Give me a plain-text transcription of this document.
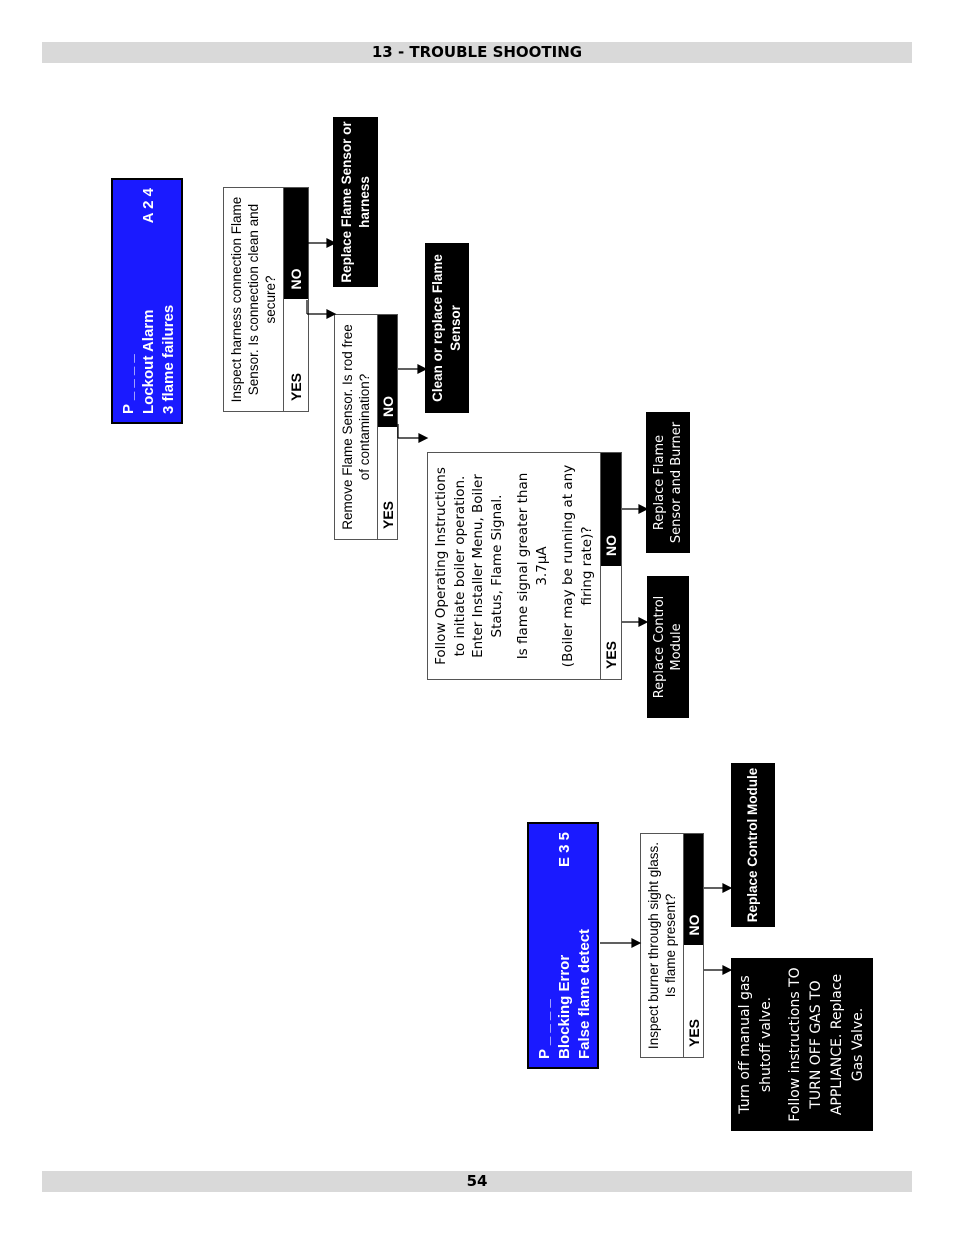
13 - TROUBLE SHOOTING
54
P _ _ _ _ Lockout Alarm
A 2 4
3 flame failures	Inspect harness connection Flame Sensor. Is connection clean and secure?
YES
NO	Replace Flame Sensor or harness
Remove Flame Sensor. Is rod free of contamination?
YES
NO
Clean or replace Flame Sensor
Follow Operating Instructions to initiate boiler operation. Enter Installer Menu, Boiler Status, Flame Signal. Is flame signal greater than 3.7µA (Boiler may be running at any firing rate)?
YES
NO
Replace Flame Sensor and Burner
Replace Control Module
P _ _ _ _ Blocking Error
E 3 5
False flame detect	Inspect burner through sight glass. Is flame present?
YES
NO
Replace Control Module
Turn off manual gas shutoff valve. Follow instructions TO TURN OFF GAS TO APPLIANCE. Replace Gas Valve.
